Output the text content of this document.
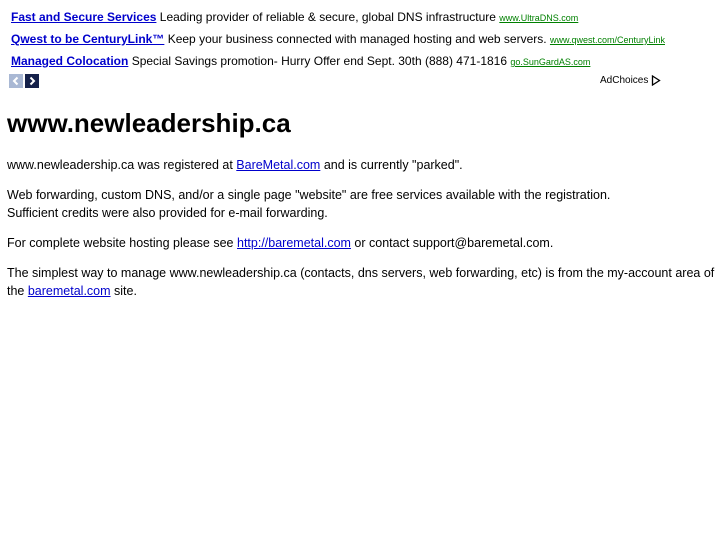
Fast and Secure Services Leading provider of reliable & secure, global DNS infrastructure www.UltraDNS.com
Qwest to be CenturyLink™ Keep your business connected with managed hosting and web servers. www.qwest.com/CenturyLink
Managed Colocation Special Savings promotion- Hurry Offer end Sept. 30th (888) 471-1816 go.SunGardAS.com
AdChoices
www.newleadership.ca

www.newleadership.ca was registered at BareMetal.com and is currently "parked".

Web forwarding, custom DNS, and/or a single page "website" are free services available with the registration.
Sufficient credits were also provided for e-mail forwarding.

For complete website hosting please see http://baremetal.com or contact support@baremetal.com.

The simplest way to manage www.newleadership.ca (contacts, dns servers, web forwarding, etc) is from the my-account area of the baremetal.com site.
